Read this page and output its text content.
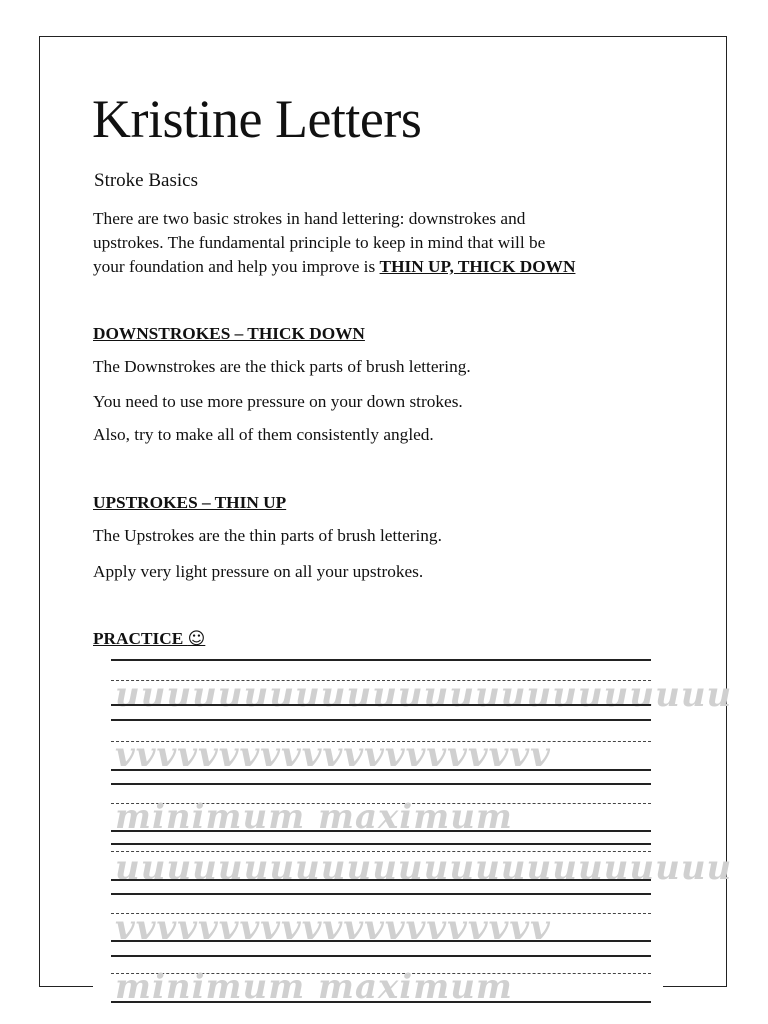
Kristine Letters
Stroke Basics
There are two basic strokes in hand lettering: downstrokes and
upstrokes. The fundamental principle to keep in mind that will be
your foundation and help you improve is THIN UP, THICK DOWN
DOWNSTROKES – THICK DOWN
The Downstrokes are the thick parts of brush lettering.
You need to use more pressure on your down strokes.
Also, try to make all of them consistently angled.
UPSTROKES – THIN UP
The Upstrokes are the thin parts of brush lettering.
Apply very light pressure on all your upstrokes.
PRACTICE ☺
uuuuuuuuuuuuuuuuuuuuuuuu
vvvvvvvvvvvvvvvvvvvvv
minimum maximum
uuuuuuuuuuuuuuuuuuuuuuuu
vvvvvvvvvvvvvvvvvvvvv
minimum maximum
